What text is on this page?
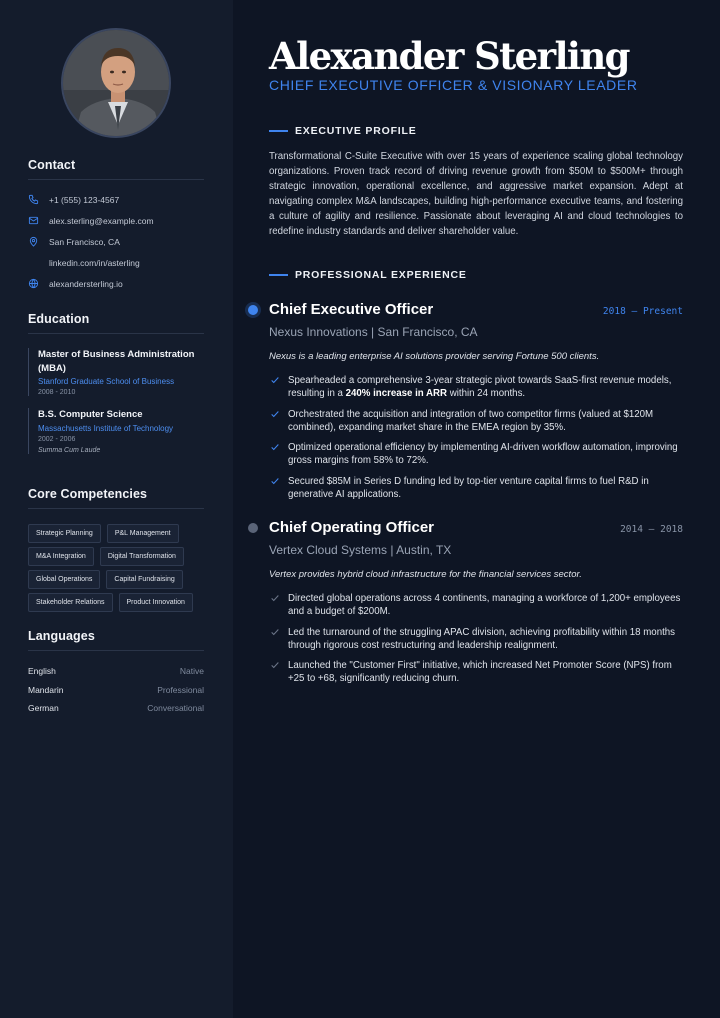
Contact
+1 (555) 123-4567
alex.sterling@example.com
San Francisco, CA
linkedin.com/in/asterling
alexandersterling.io
Education
Master of Business Administration (MBA)
Stanford Graduate School of Business
2008 - 2010
B.S. Computer Science
Massachusetts Institute of Technology
2002 - 2006
Summa Cum Laude
Core Competencies
Strategic Planning	P&L Management
M&A Integration	Digital Transformation
Global Operations	Capital Fundraising
Stakeholder Relations	Product Innovation
Languages
English	Native
Mandarin	Professional
German	Conversational
Alexander Sterling
CHIEF EXECUTIVE OFFICER & VISIONARY LEADER
EXECUTIVE PROFILE

Transformational C-Suite Executive with over 15 years of experience scaling global technology organizations. Proven track record of driving revenue growth from $50M to $500M+ through strategic innovation, operational excellence, and aggressive market expansion. Adept at navigating complex M&A landscapes, building high-performance executive teams, and fostering a culture of agility and resilience. Passionate about leveraging AI and cloud technologies to redefine industry standards and deliver shareholder value.

PROFESSIONAL EXPERIENCE
Chief Executive Officer	2018 – Present
Nexus Innovations | San Francisco, CA
Nexus is a leading enterprise AI solutions provider serving Fortune 500 clients.
Spearheaded a comprehensive 3-year strategic pivot towards SaaS-first revenue models, resulting in a 240% increase in ARR within 24 months.
Orchestrated the acquisition and integration of two competitor firms (valued at $120M combined), expanding market share in the EMEA region by 35%.
Optimized operational efficiency by implementing AI-driven workflow automation, improving gross margins from 58% to 72%.
Secured $85M in Series D funding led by top-tier venture capital firms to fuel R&D in generative AI applications.
Chief Operating Officer	2014 – 2018
Vertex Cloud Systems | Austin, TX
Vertex provides hybrid cloud infrastructure for the financial services sector.
Directed global operations across 4 continents, managing a workforce of 1,200+ employees and a budget of $200M.
Led the turnaround of the struggling APAC division, achieving profitability within 18 months through rigorous cost restructuring and leadership realignment.
Launched the "Customer First" initiative, which increased Net Promoter Score (NPS) from +25 to +68, significantly reducing churn.
